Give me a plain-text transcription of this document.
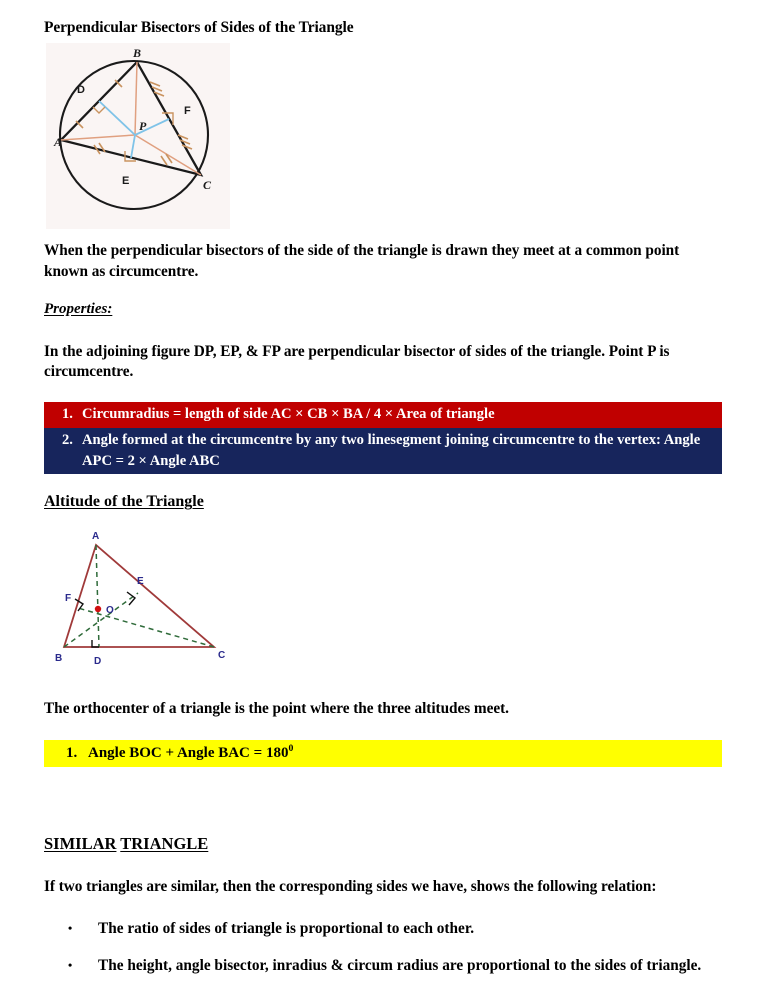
Perpendicular Bisectors of Sides of the Triangle
A
B
C
D
E
F
P

When the perpendicular bisectors of the side of the triangle is drawn they meet at a common point known as circumcentre.

Properties:

In the adjoining figure DP, EP, & FP are perpendicular bisector of sides of the triangle. Point P is circumcentre.

1. Circumradius = length of side AC × CB × BA / 4 × Area of triangle
2. Angle formed at the circumcentre by any two linesegment joining circumcentre to the vertex: Angle APC = 2 × Angle ABC

Altitude of the Triangle

A
B	C
D
E
F
O

The orthocenter of a triangle is the point where the three altitudes meet.

1. Angle BOC + Angle BAC = $180^0$

SIMILAR TRIANGLE

If two triangles are similar, then the corresponding sides we have, shows the following relation:

•	The ratio of sides of triangle is proportional to each other.
•	The height, angle bisector, inradius & circum radius are proportional to the sides of triangle.
